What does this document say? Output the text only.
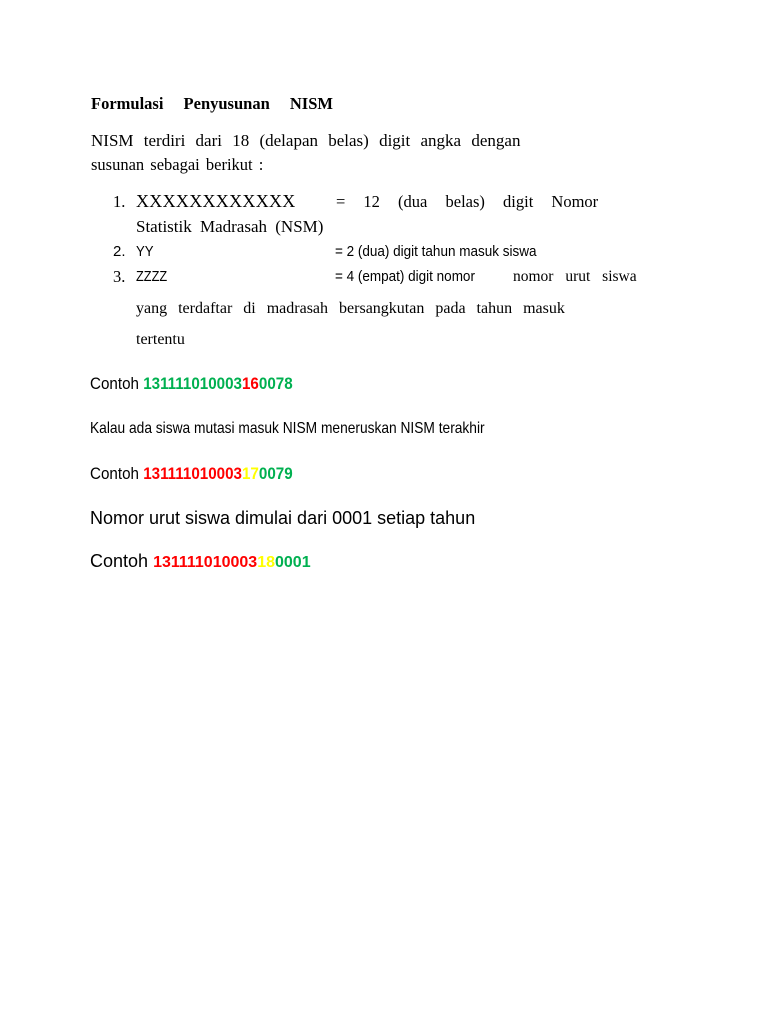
Formulasi Penyusunan NISM

NISM terdiri dari 18 (delapan belas) digit angka dengan

susunan sebagai berikut :

1. XXXXXXXXXXXX = 12 (dua belas) digit Nomor
Statistik Madrasah (NSM)
2. YY	= 2 (dua) digit tahun masuk siswa
3. ZZZZ	= 4 (empat) digit nomor nomor urut siswa
yang terdaftar di madrasah bersangkutan pada tahun masuk
tertentu

Contoh 131111010003160078

Kalau ada siswa mutasi masuk NISM meneruskan NISM terakhir

Contoh 131111010003170079

Nomor urut siswa dimulai dari 0001 setiap tahun

Contoh 131111010003180001
